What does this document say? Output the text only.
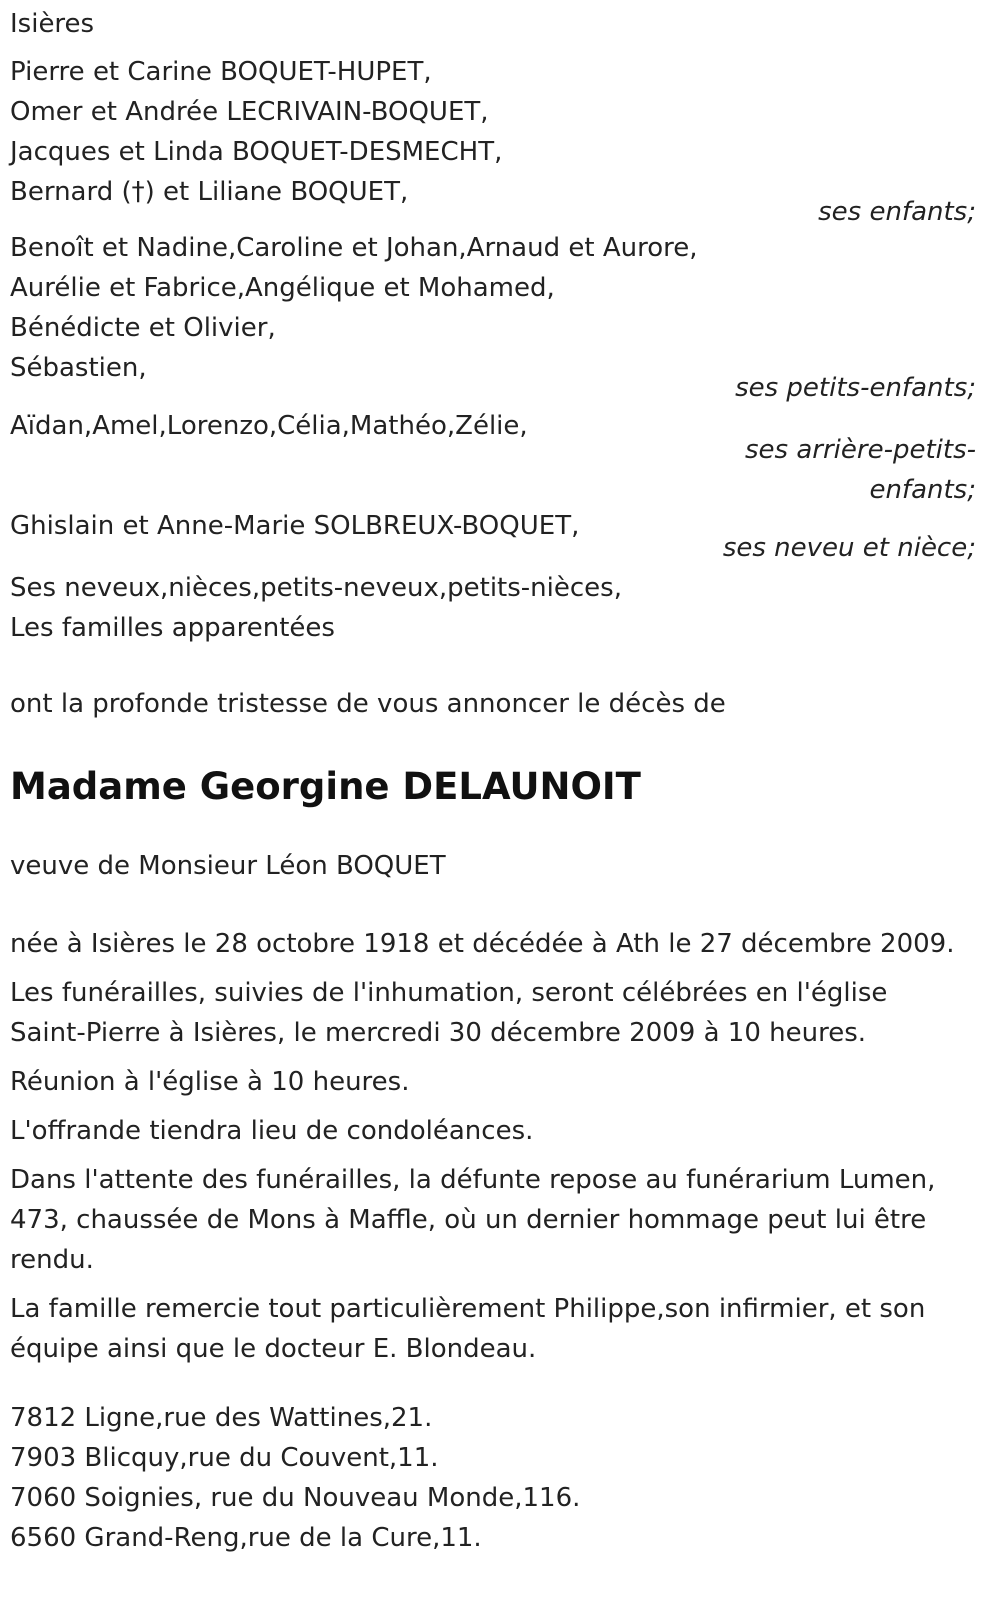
Isières
Pierre et Carine BOQUET-HUPET,
Omer et Andrée LECRIVAIN-BOQUET,
Jacques et Linda BOQUET-DESMECHT,
Bernard (†) et Liliane BOQUET,
ses enfants;
Benoît et Nadine,Caroline et Johan,Arnaud et Aurore,
Aurélie et Fabrice,Angélique et Mohamed,
Bénédicte et Olivier,
Sébastien,
ses petits-enfants;
Aïdan,Amel,Lorenzo,Célia,Mathéo,Zélie,
ses arrière-petits-enfants;
Ghislain et Anne-Marie SOLBREUX-BOQUET,
ses neveu et nièce;
Ses neveux,nièces,petits-neveux,petits-nièces,
Les familles apparentées
ont la profonde tristesse de vous annoncer le décès de
Madame Georgine DELAUNOIT
veuve de Monsieur Léon BOQUET

née à Isières le 28 octobre 1918 et décédée à Ath le 27 décembre 2009.

Les funérailles, suivies de l'inhumation, seront célébrées en l'église Saint-Pierre à Isières, le mercredi 30 décembre 2009 à 10 heures.

Réunion à l'église à 10 heures.

L'offrande tiendra lieu de condoléances.

Dans l'attente des funérailles, la défunte repose au funérarium Lumen, 473, chaussée de Mons à Maffle, où un dernier hommage peut lui être rendu.

La famille remercie tout particulièrement Philippe,son infirmier, et son équipe ainsi que le docteur E. Blondeau.

7812 Ligne,rue des Wattines,21.
7903 Blicquy,rue du Couvent,11.
7060 Soignies, rue du Nouveau Monde,116.
6560 Grand-Reng,rue de la Cure,11.
